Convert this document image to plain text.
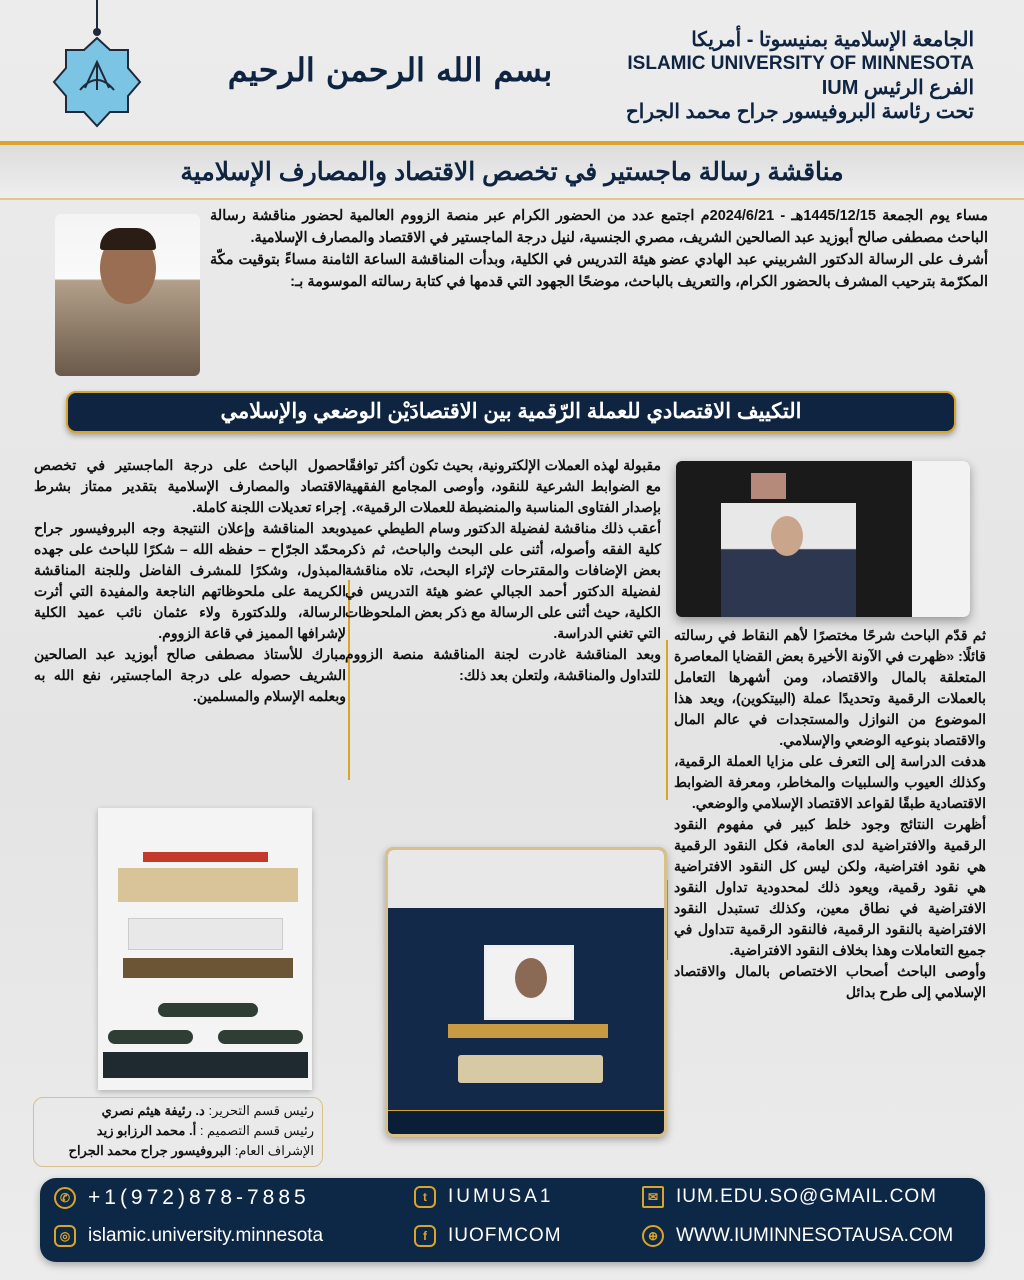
بسم الله الرحمن الرحيم
الجامعة الإسلامية بمنيسوتا - أمريكا
ISLAMIC UNIVERSITY OF MINNESOTA
الفرع الرئيس IUM
تحت رئاسة البروفيسور جراح محمد الجراح
مناقشة رسالة ماجستير في تخصص الاقتصاد والمصارف الإسلامية

مساء يوم الجمعة 1445/12/15هـ - 2024/6/21م اجتمع عدد من الحضور الكرام عبر منصة الزووم العالمية لحضور مناقشة رسالة الباحث مصطفى صالح أبوزيد عبد الصالحين الشريف، مصري الجنسية، لنيل درجة الماجستير في الاقتصاد والمصارف الإسلامية.

أشرف على الرسالة الدكتور الشربيني عبد الهادي عضو هيئة التدريس في الكلية، وبدأت المناقشة الساعة الثامنة مساءً بتوقيت مكّة المكرّمة بترحيب المشرف بالحضور الكرام، والتعريف بالباحث، موضحًا الجهود التي قدمها في كتابة رسالته الموسومة بـ:

التكييف الاقتصادي للعملة الرّقمية بين الاقتصادَيْن الوضعي والإسلامي

ثم قدّم الباحث شرحًا مختصرًا لأهم النقاط في رسالته قائلًا: «ظهرت في الآونة الأخيرة بعض القضايا المعاصرة المتعلقة بالمال والاقتصاد، ومن أشهرها التعامل بالعملات الرقمية وتحديدًا عملة (البيتكوين)، ويعد هذا الموضوع من النوازل والمستجدات في عالم المال والاقتصاد بنوعيه الوضعي والإسلامي.

هدفت الدراسة إلى التعرف على مزايا العملة الرقمية، وكذلك العيوب والسلبيات والمخاطر، ومعرفة الضوابط الاقتصادية طبقًا لقواعد الاقتصاد الإسلامي والوضعي.

أظهرت النتائج وجود خلط كبير في مفهوم النقود الرقمية والافتراضية لدى العامة، فكل النقود الرقمية هي نقود افتراضية، ولكن ليس كل النقود الافتراضية هي نقود رقمية، ويعود ذلك لمحدودية تداول النقود الافتراضية في نطاق معين، وكذلك تستبدل النقود الافتراضية بالنقود الرقمية، فالنقود الرقمية تتداول في جميع التعاملات وهذا بخلاف النقود الافتراضية.

وأوصى الباحث أصحاب الاختصاص بالمال والاقتصاد الإسلامي إلى طرح بدائل

مقبولة لهذه العملات الإلكترونية، بحيث تكون أكثر توافقًا مع الضوابط الشرعية للنقود، وأوصى المجامع الفقهية بإصدار الفتاوى المناسبة والمنضبطة للعملات الرقمية».

أعقب ذلك مناقشة لفضيلة الدكتور وسام الطيطي عميد كلية الفقه وأصوله، أثنى على البحث والباحث، ثم ذكر بعض الإضافات والمقترحات لإثراء البحث، تلاه مناقشة لفضيلة الدكتور أحمد الجبالي عضو هيئة التدريس في الكلية، حيث أثنى على الرسالة مع ذكر بعض الملحوظات التي تغني الدراسة.

وبعد المناقشة غادرت لجنة المناقشة منصة الزووم للتداول والمناقشة، ولتعلن بعد ذلك:

حصول الباحث على درجة الماجستير في تخصص الاقتصاد والمصارف الإسلامية بتقدير ممتاز بشرط إجراء تعديلات اللجنة كاملة.

وبعد المناقشة وإعلان النتيجة وجه البروفيسور جراح محمّد الجرّاح – حفظه الله – شكرًا للباحث على جهده المبذول، وشكرًا للمشرف الفاضل وللجنة المناقشة الكريمة على ملحوظاتهم الناجعة والمفيدة التي أثرت الرسالة، وللدكتورة ولاء عثمان نائب عميد الكلية لإشرافها المميز في قاعة الزووم.

مبارك للأستاذ مصطفى صالح أبوزيد عبد الصالحين الشريف حصوله على درجة الماجستير، نفع الله به وبعلمه الإسلام والمسلمين.

رئيس قسم التحرير: د. رئيفة هيثم نصري
رئيس قسم التصميم : أ. محمد الرزابو زيد
الإشراف العام: البروفيسور جراح محمد الجراح
✆ +1(972)878-7885
◎ islamic.university.minnesota
t	IUMUSA1
f	IUOFMCOM
✉ IUM.EDU.SO@GMAIL.COM
⊕ WWW.IUMINNESOTAUSA.COM
